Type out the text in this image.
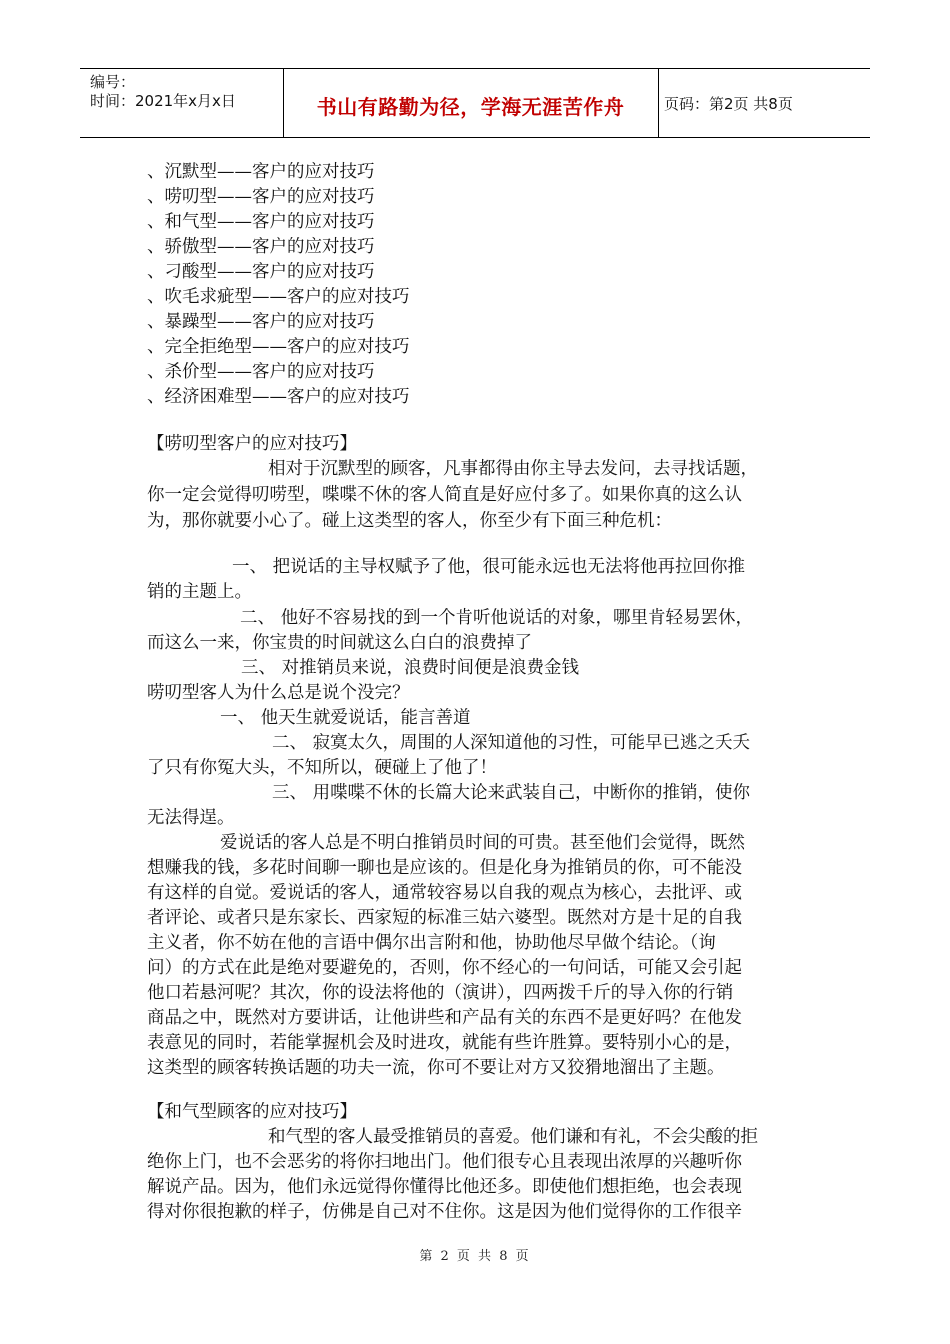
编号：
时间：2021年x月x日	书山有路勤为径，学海无涯苦作舟	页码：第2页 共8页
、沉默型——客户的应对技巧
、唠叨型——客户的应对技巧
、和气型——客户的应对技巧
、骄傲型——客户的应对技巧
、刁酸型——客户的应对技巧
、吹毛求疵型——客户的应对技巧
、暴躁型——客户的应对技巧
、完全拒绝型——客户的应对技巧
、杀价型——客户的应对技巧
、经济困难型——客户的应对技巧
【唠叨型客户的应对技巧】
相对于沉默型的顾客，凡事都得由你主导去发问，去寻找话题，
你一定会觉得叨唠型，喋喋不休的客人简直是好应付多了。如果你真的这么认
为，那你就要小心了。碰上这类型的客人，你至少有下面三种危机：
一、 把说话的主导权赋予了他，很可能永远也无法将他再拉回你推
销的主题上。
二、 他好不容易找的到一个肯听他说话的对象，哪里肯轻易罢休，
而这么一来，你宝贵的时间就这么白白的浪费掉了
三、 对推销员来说，浪费时间便是浪费金钱
唠叨型客人为什么总是说个没完？
一、 他天生就爱说话，能言善道
二、 寂寞太久，周围的人深知道他的习性，可能早已逃之夭夭
了只有你冤大头，不知所以，硬碰上了他了！
三、 用喋喋不休的长篇大论来武装自己，中断你的推销，使你
无法得逞。
爱说话的客人总是不明白推销员时间的可贵。甚至他们会觉得，既然
想赚我的钱，多花时间聊一聊也是应该的。但是化身为推销员的你，可不能没
有这样的自觉。爱说话的客人，通常较容易以自我的观点为核心，去批评、或
者评论、或者只是东家长、西家短的标准三姑六婆型。既然对方是十足的自我
主义者，你不妨在他的言语中偶尔出言附和他，协助他尽早做个结论。（询
问）的方式在此是绝对要避免的，否则，你不经心的一句问话，可能又会引起
他口若悬河呢？其次，你的设法将他的（演讲），四两拨千斤的导入你的行销
商品之中，既然对方要讲话，让他讲些和产品有关的东西不是更好吗？在他发
表意见的同时，若能掌握机会及时进攻，就能有些许胜算。要特别小心的是，
这类型的顾客转换话题的功夫一流，你可不要让对方又狡猾地溜出了主题。
【和气型顾客的应对技巧】
和气型的客人最受推销员的喜爱。他们谦和有礼，不会尖酸的拒
绝你上门，也不会恶劣的将你扫地出门。他们很专心且表现出浓厚的兴趣听你
解说产品。因为，他们永远觉得你懂得比他还多。即使他们想拒绝，也会表现
得对你很抱歉的样子，仿佛是自己对不住你。这是因为他们觉得你的工作很辛
第 2 页 共 8 页
